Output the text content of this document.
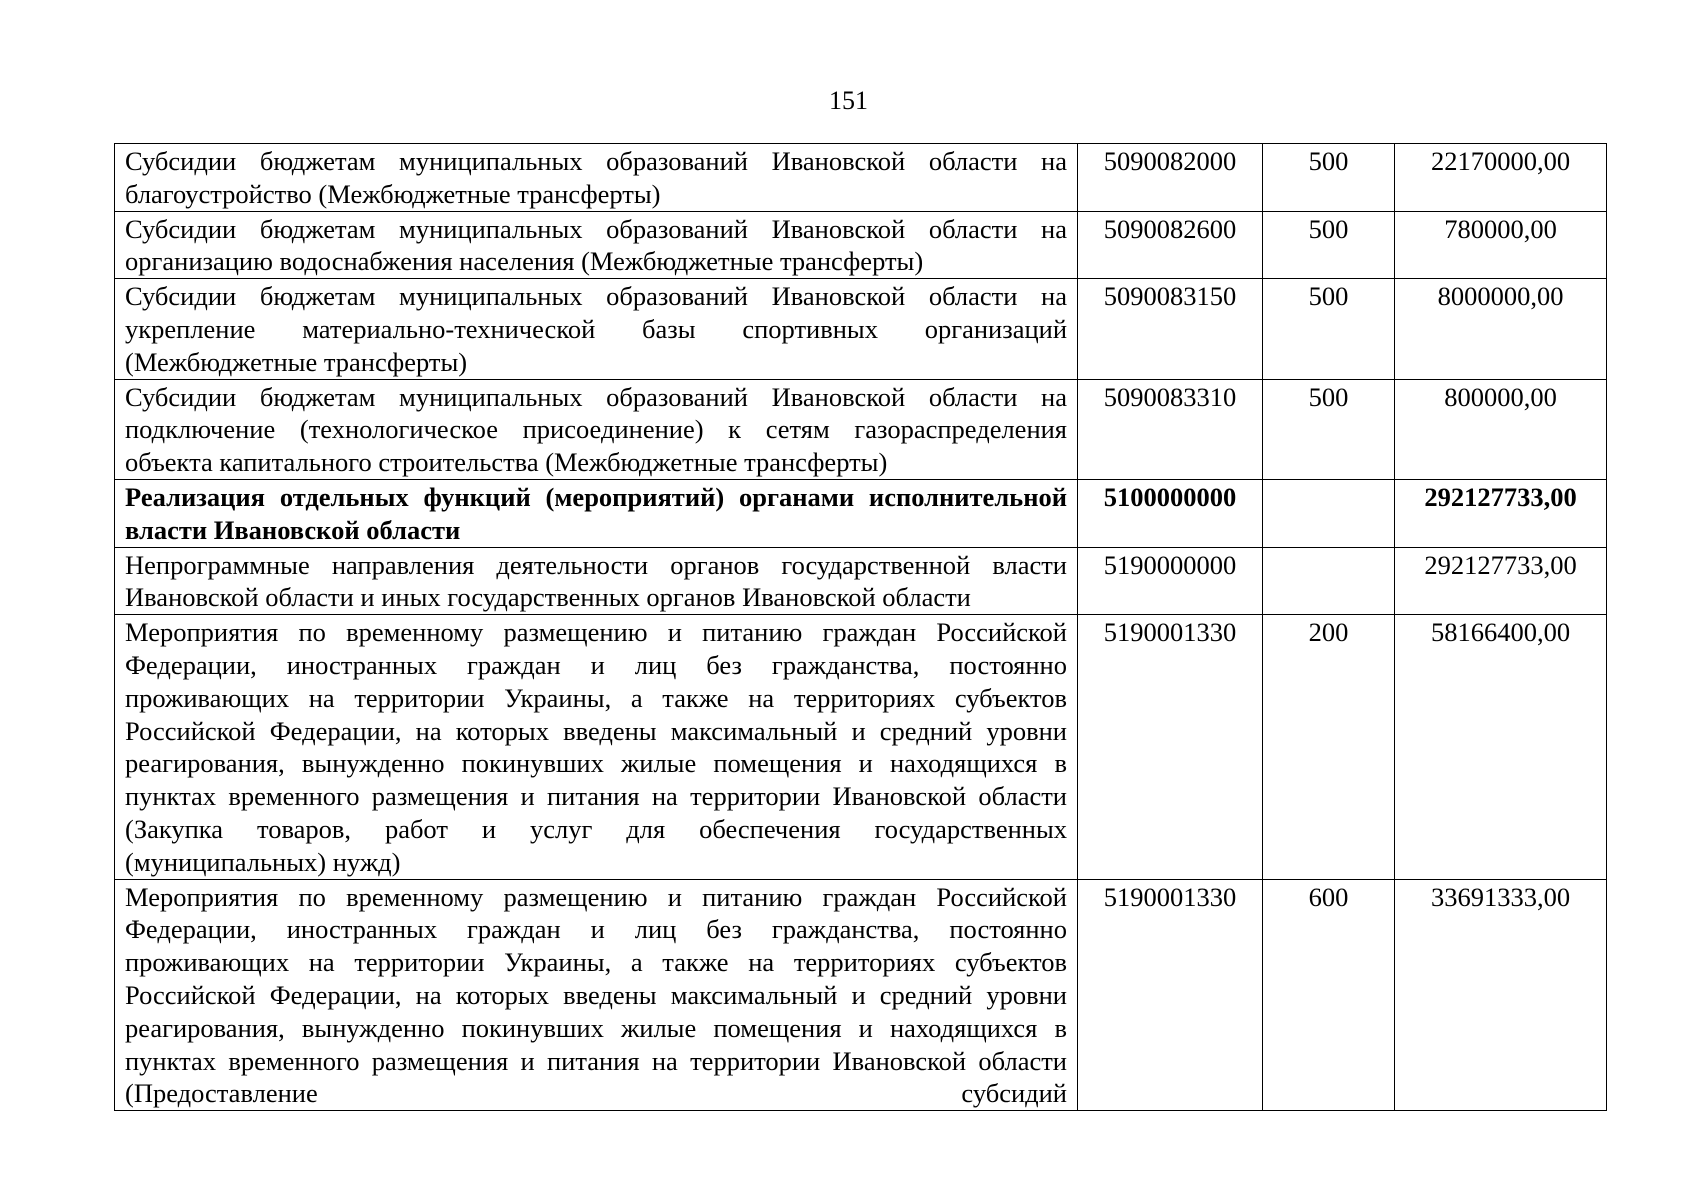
151
Субсидии бюджетам муниципальных образований Ивановской области на благоустройство (Межбюджетные трансферты)	5090082000	500	22170000,00
Субсидии бюджетам муниципальных образований Ивановской области на организацию водоснабжения населения (Межбюджетные трансферты)	5090082600	500	780000,00
Субсидии бюджетам муниципальных образований Ивановской области на укрепление материально-технической базы спортивных организаций (Межбюджетные трансферты)	5090083150	500	8000000,00
Субсидии бюджетам муниципальных образований Ивановской области на подключение (технологическое присоединение) к сетям газораспределения объекта капитального строительства (Межбюджетные трансферты)	5090083310	500	800000,00
Реализация отдельных функций (мероприятий) органами исполнительной власти Ивановской области	5100000000		292127733,00
Непрограммные направления деятельности органов государственной власти Ивановской области и иных государственных органов Ивановской области	5190000000		292127733,00
Мероприятия по временному размещению и питанию граждан Российской Федерации, иностранных граждан и лиц без гражданства, постоянно проживающих на территории Украины, а также на территориях субъектов Российской Федерации, на которых введены максимальный и средний уровни реагирования, вынужденно покинувших жилые помещения и находящихся в пунктах временного размещения и питания на территории Ивановской области (Закупка товаров, работ и услуг для обеспечения государственных (муниципальных) нужд)	5190001330	200	58166400,00
Мероприятия по временному размещению и питанию граждан Российской Федерации, иностранных граждан и лиц без гражданства, постоянно проживающих на территории Украины, а также на территориях субъектов Российской Федерации, на которых введены максимальный и средний уровни реагирования, вынужденно покинувших жилые помещения и находящихся в пунктах временного размещения и питания на территории Ивановской области (Предоставление субсидий	5190001330	600	33691333,00
